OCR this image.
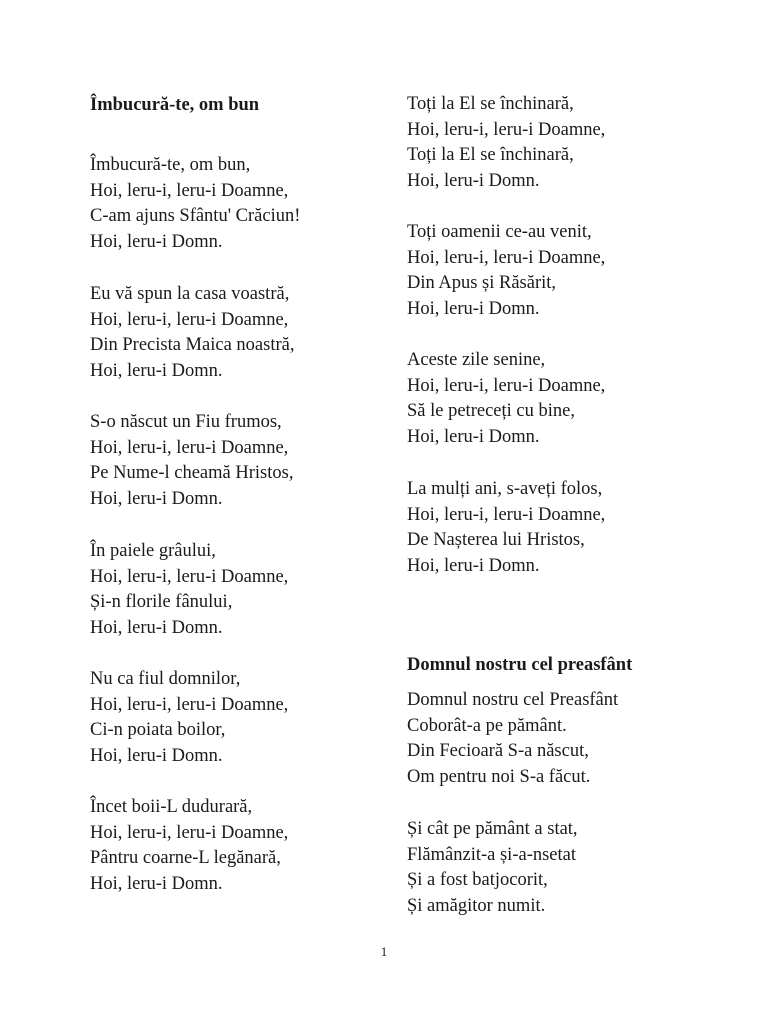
Îmbucură-te, om bun
Îmbucură-te, om bun,
Hoi, leru-i, leru-i Doamne,
C-am ajuns Sfântu' Crăciun!
Hoi, leru-i Domn.
Eu vă spun la casa voastră,
Hoi, leru-i, leru-i Doamne,
Din Precista Maica noastră,
Hoi, leru-i Domn.
S-o născut un Fiu frumos,
Hoi, leru-i, leru-i Doamne,
Pe Nume-l cheamă Hristos,
Hoi, leru-i Domn.
În paiele grâului,
Hoi, leru-i, leru-i Doamne,
Și-n florile fânului,
Hoi, leru-i Domn.
Nu ca fiul domnilor,
Hoi, leru-i, leru-i Doamne,
Ci-n poiata boilor,
Hoi, leru-i Domn.
Încet boii-L dudurară,
Hoi, leru-i, leru-i Doamne,
Pântru coarne-L legănară,
Hoi, leru-i Domn.
Toți la El se închinară,
Hoi, leru-i, leru-i Doamne,
Toți la El se închinară,
Hoi, leru-i Domn.
Toți oamenii ce-au venit,
Hoi, leru-i, leru-i Doamne,
Din Apus și Răsărit,
Hoi, leru-i Domn.
Aceste zile senine,
Hoi, leru-i, leru-i Doamne,
Să le petreceți cu bine,
Hoi, leru-i Domn.
La mulți ani, s-aveți folos,
Hoi, leru-i, leru-i Doamne,
De Nașterea lui Hristos,
Hoi, leru-i Domn.
Domnul nostru cel preasfânt
Domnul nostru cel Preasfânt
Coborât-a pe pământ.
Din Fecioară S-a născut,
Om pentru noi S-a făcut.
Și cât pe pământ a stat,
Flămânzit-a și-a-nsetat
Și a fost batjocorit,
Și amăgitor numit.
1
